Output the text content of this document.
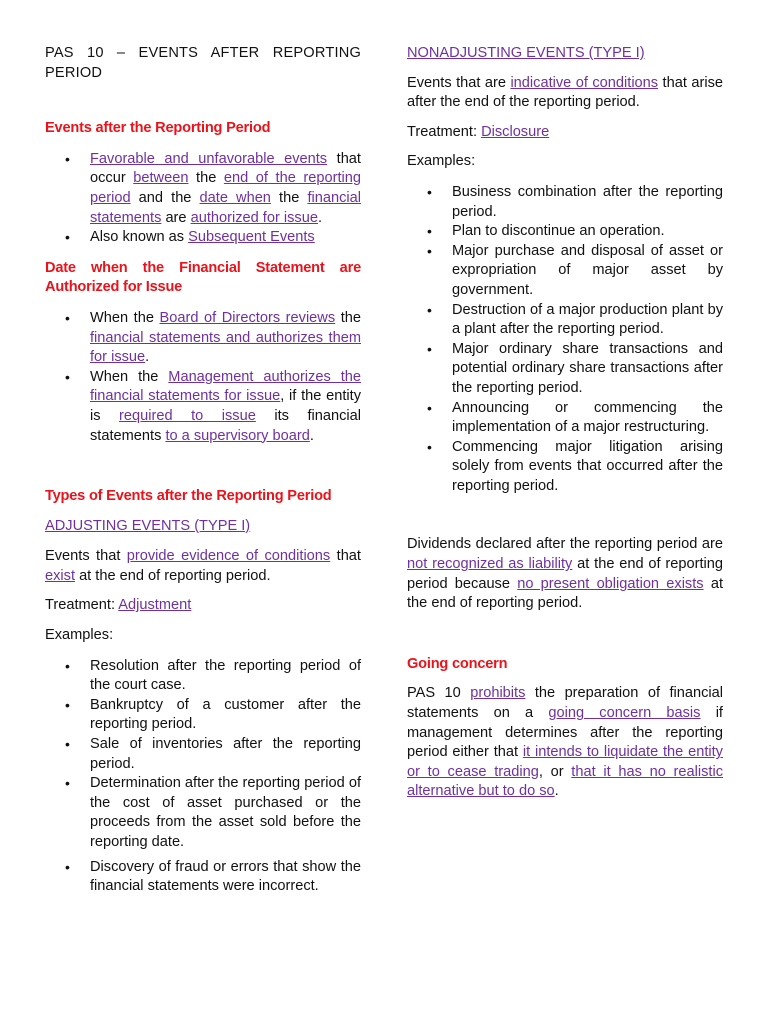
PAS 10 – EVENTS AFTER REPORTING PERIOD

Events after the Reporting Period
• Favorable and unfavorable events that occur between the end of the reporting period and the date when the financial statements are authorized for issue.
• Also known as Subsequent Events
Date when the Financial Statement are Authorized for Issue
• When the Board of Directors reviews the financial statements and authorizes them for issue.
• When the Management authorizes the financial statements for issue, if the entity is required to issue its financial statements to a supervisory board.
Types of Events after the Reporting Period

ADJUSTING EVENTS (TYPE I)

Events that provide evidence of conditions that exist at the end of reporting period.

Treatment: Adjustment

Examples:

• Resolution after the reporting period of the court case.
• Bankruptcy of a customer after the reporting period.
• Sale of inventories after the reporting period.
• Determination after the reporting period of the cost of asset purchased or the proceeds from the asset sold before the reporting date.
• Discovery of fraud or errors that show the financial statements were incorrect.

NONADJUSTING EVENTS (TYPE I)

Events that are indicative of conditions that arise after the end of the reporting period.

Treatment: Disclosure

Examples:

• Business combination after the reporting period.
• Plan to discontinue an operation.
• Major purchase and disposal of asset or expropriation of major asset by government.
• Destruction of a major production plant by a plant after the reporting period.
• Major ordinary share transactions and potential ordinary share transactions after the reporting period.
• Announcing or commencing the implementation of a major restructuring.
• Commencing major litigation arising solely from events that occurred after the reporting period.

Dividends declared after the reporting period are not recognized as liability at the end of reporting period because no present obligation exists at the end of reporting period.

Going concern

PAS 10 prohibits the preparation of financial statements on a going concern basis if management determines after the reporting period either that it intends to liquidate the entity or to cease trading, or that it has no realistic alternative but to do so.
